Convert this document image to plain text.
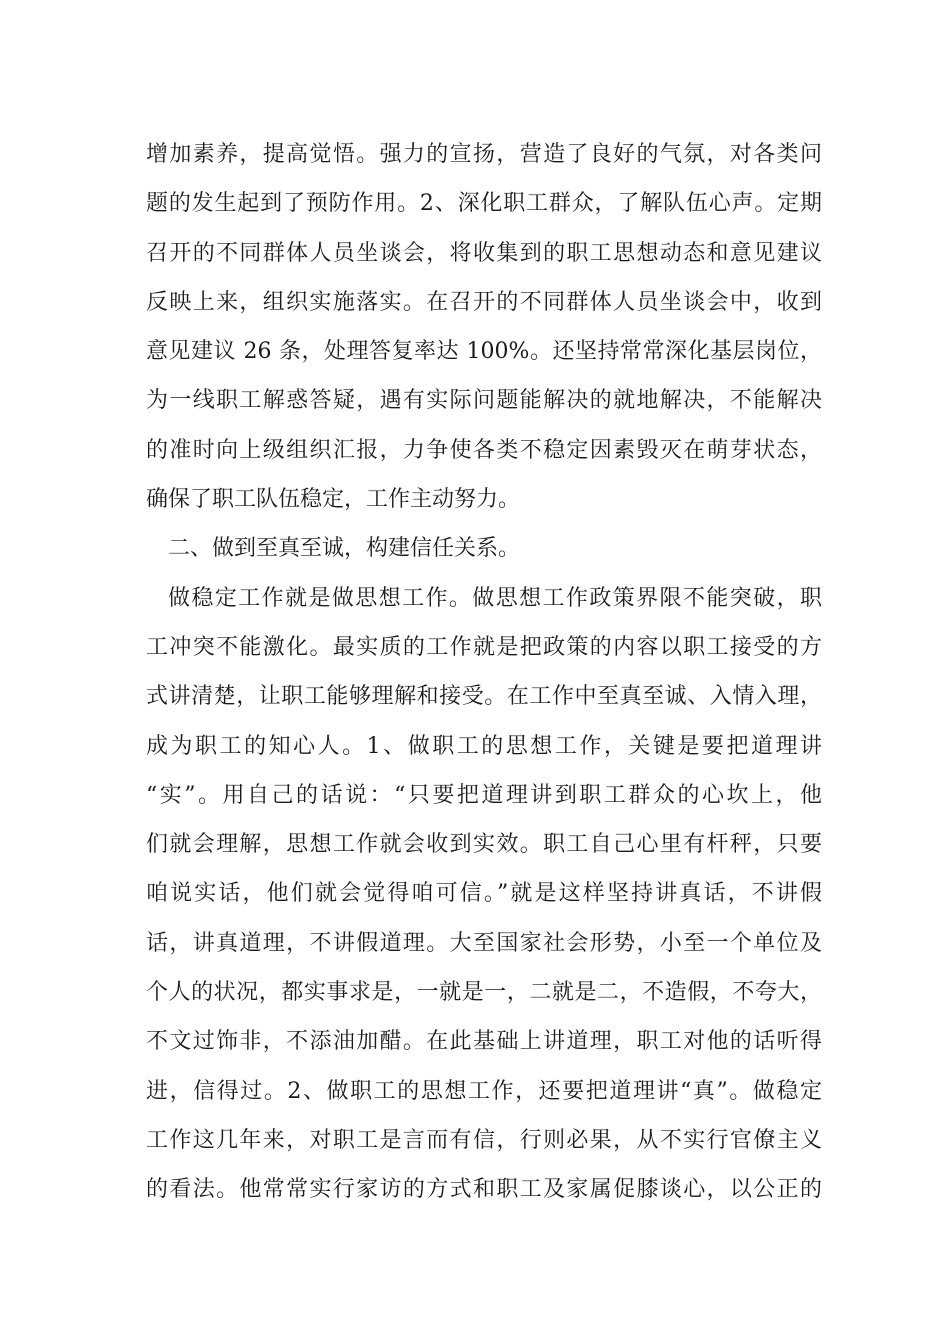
增加素养，提高觉悟。强力的宣扬，营造了良好的气氛，对各类问
题的发生起到了预防作用。2、深化职工群众，了解队伍心声。定期
召开的不同群体人员坐谈会，将收集到的职工思想动态和意见建议
反映上来，组织实施落实。在召开的不同群体人员坐谈会中，收到
意见建议 26 条，处理答复率达 100%。还坚持常常深化基层岗位，
为一线职工解惑答疑，遇有实际问题能解决的就地解决，不能解决
的准时向上级组织汇报，力争使各类不稳定因素毁灭在萌芽状态，
确保了职工队伍稳定，工作主动努力。
二、做到至真至诚，构建信任关系。
做稳定工作就是做思想工作。做思想工作政策界限不能突破，职
工冲突不能激化。最实质的工作就是把政策的内容以职工接受的方
式讲清楚，让职工能够理解和接受。在工作中至真至诚、入情入理，
成为职工的知心人。1、做职工的思想工作，关键是要把道理讲
“实”。用自己的话说：“只要把道理讲到职工群众的心坎上，他
们就会理解，思想工作就会收到实效。职工自己心里有杆秤，只要
咱说实话，他们就会觉得咱可信。”就是这样坚持讲真话，不讲假
话，讲真道理，不讲假道理。大至国家社会形势，小至一个单位及
个人的状况，都实事求是，一就是一，二就是二，不造假，不夸大，
不文过饰非，不添油加醋。在此基础上讲道理，职工对他的话听得
进，信得过。2、做职工的思想工作，还要把道理讲“真”。做稳定
工作这几年来，对职工是言而有信，行则必果，从不实行官僚主义
的看法。他常常实行家访的方式和职工及家属促膝谈心，以公正的
